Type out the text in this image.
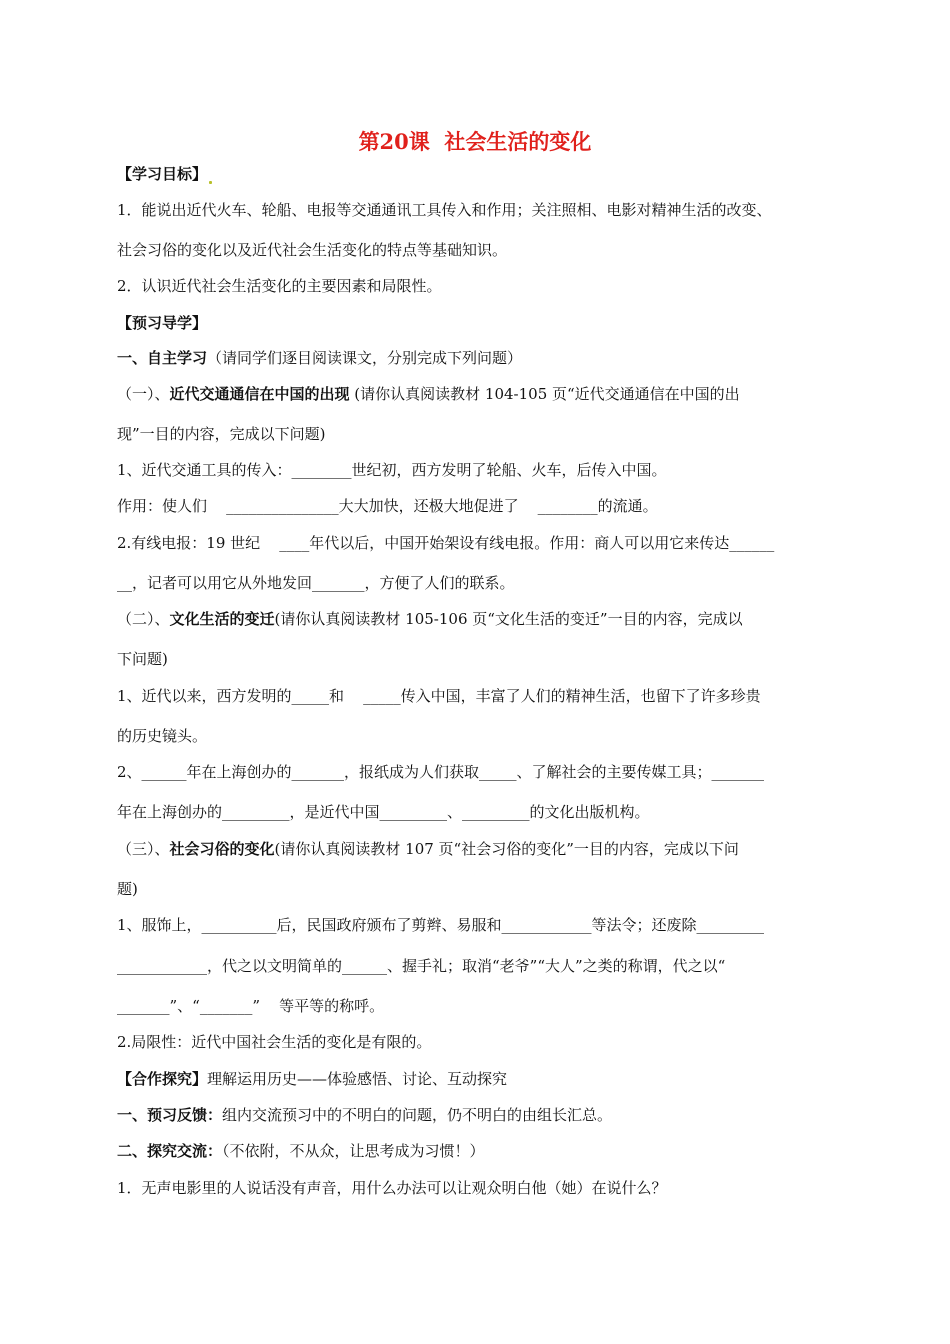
第20课  社会生活的变化
【学习目标】
1．能说出近代火车、轮船、电报等交通通讯工具传入和作用；关注照相、电影对精神生活的改变、
社会习俗的变化以及近代社会生活变化的特点等基础知识。
2．认识近代社会生活变化的主要因素和局限性。
【预习导学】
一、自主学习（请同学们逐目阅读课文，分别完成下列问题）
（一）、近代交通通信在中国的出现 (请你认真阅读教材 104-105 页“近代交通通信在中国的出
现”一目的内容，完成以下问题)
1、近代交通工具的传入：________世纪初，西方发明了轮船、火车，后传入中国。
作用：使人们    _______________大大加快，还极大地促进了    ________的流通。
2.有线电报：19 世纪    ____年代以后，中国开始架设有线电报。作用：商人可以用它来传达______
__，记者可以用它从外地发回_______，方便了人们的联系。
（二）、文化生活的变迁(请你认真阅读教材 105-106 页“文化生活的变迁”一目的内容，完成以
下问题)
1、近代以来，西方发明的_____和    _____传入中国，丰富了人们的精神生活，也留下了许多珍贵
的历史镜头。
2、______年在上海创办的_______，报纸成为人们获取_____、了解社会的主要传媒工具；_______
年在上海创办的_________，是近代中国_________、_________的文化出版机构。
（三）、社会习俗的变化(请你认真阅读教材 107 页“社会习俗的变化”一目的内容，完成以下问
题)
1、服饰上，__________后，民国政府颁布了剪辫、易服和____________等法令；还废除_________
____________，代之以文明简单的______、握手礼；取消“老爷”“大人”之类的称谓，代之以“
_______”、“_______”    等平等的称呼。
2.局限性：近代中国社会生活的变化是有限的。
【合作探究】理解运用历史——体验感悟、讨论、互动探究
一、预习反馈：组内交流预习中的不明白的问题，仍不明白的由组长汇总。
二、探究交流：（不依附，不从众，让思考成为习惯！）
1．无声电影里的人说话没有声音，用什么办法可以让观众明白他（她）在说什么？
